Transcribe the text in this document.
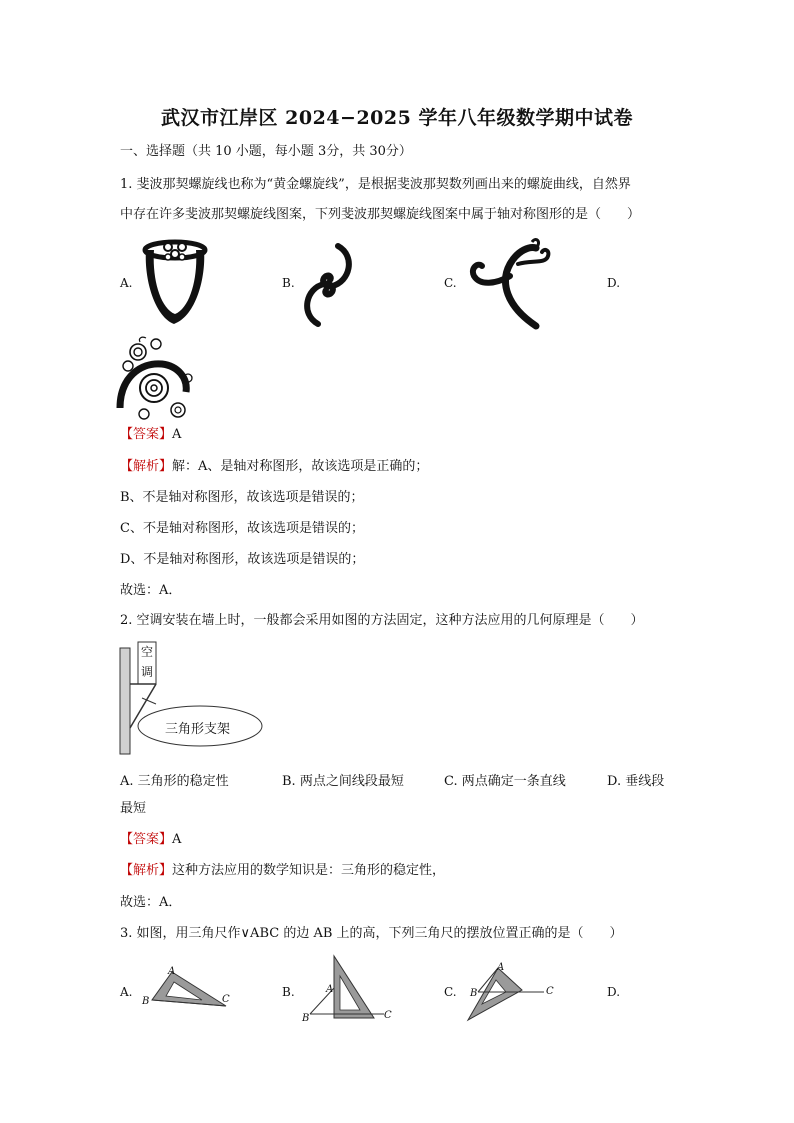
武汉市江岸区 2024−2025 学年八年级数学期中试卷
一、选择题（共 10 小题，每小题 3分，共 30分）
1. 斐波那契螺旋线也称为“黄金螺旋线”，是根据斐波那契数列画出来的螺旋曲线，自然界
中存在许多斐波那契螺旋线图案，下列斐波那契螺旋线图案中属于轴对称图形的是（　　）
A.	B.	C.	D.
【答案】A
【解析】解：A、是轴对称图形，故该选项是正确的；
B、不是轴对称图形，故该选项是错误的；
C、不是轴对称图形，故该选项是错误的；
D、不是轴对称图形，故该选项是错误的；
故选：A．
2. 空调安装在墙上时，一般都会采用如图的方法固定，这种方法应用的几何原理是（　　）
空
调
三角形支架
A. 三角形的稳定性	B. 两点之间线段最短	C. 两点确定一条直线	D. 垂线段
最短
【答案】A
【解析】这种方法应用的数学知识是：三角形的稳定性，
故选：A．
3. 如图，用三角尺作∨ABC 的边 AB 上的高，下列三角尺的摆放位置正确的是（　　）
A.	B.	C.	D.
A
B	C
A
B	C
A
B	C
